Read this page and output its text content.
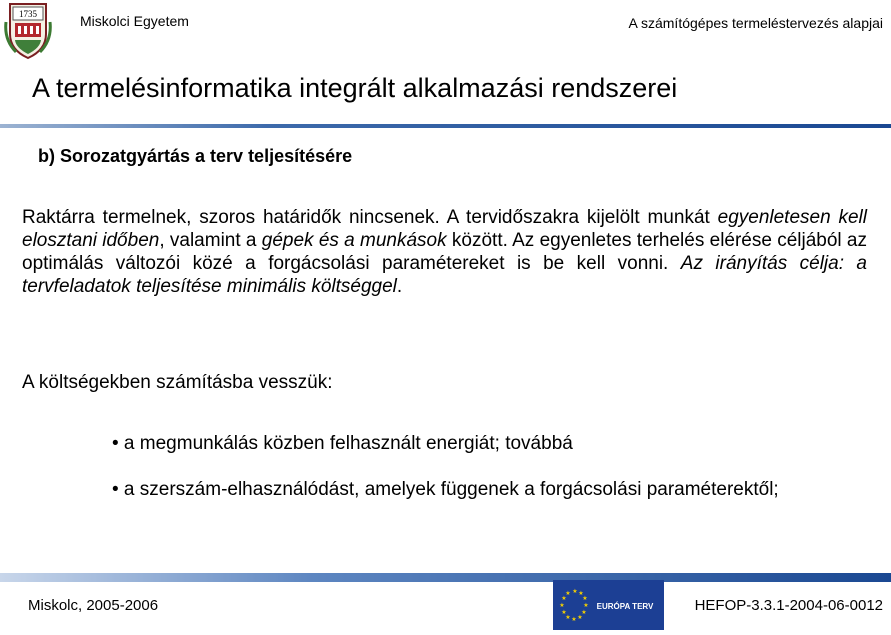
1735	Miskolci Egyetem	A számítógépes termeléstervezés alapjai
A termelésinformatika integrált alkalmazási rendszerei
b) Sorozatgyártás a terv teljesítésére
Raktárra termelnek, szoros határidők nincsenek. A tervidőszakra kijelölt munkát egyenletesen kell elosztani időben, valamint a gépek és a munkások között. Az egyenletes terhelés elérése céljából az optimálás változói közé a forgácsolási paramétereket is be kell vonni. Az irányítás célja: a tervfeladatok teljesítése minimális költséggel.
A költségekben számításba vesszük:
• a megmunkálás közben felhasznált energiát; továbbá
• a szerszám-elhasználódást, amelyek függenek a forgácsolási paraméterektől;
Miskolc, 2005-2006
★ ★
★
★
★
★
★
★
★
★
★
★
EURÓPA TERV	HEFOP-3.3.1-2004-06-0012
